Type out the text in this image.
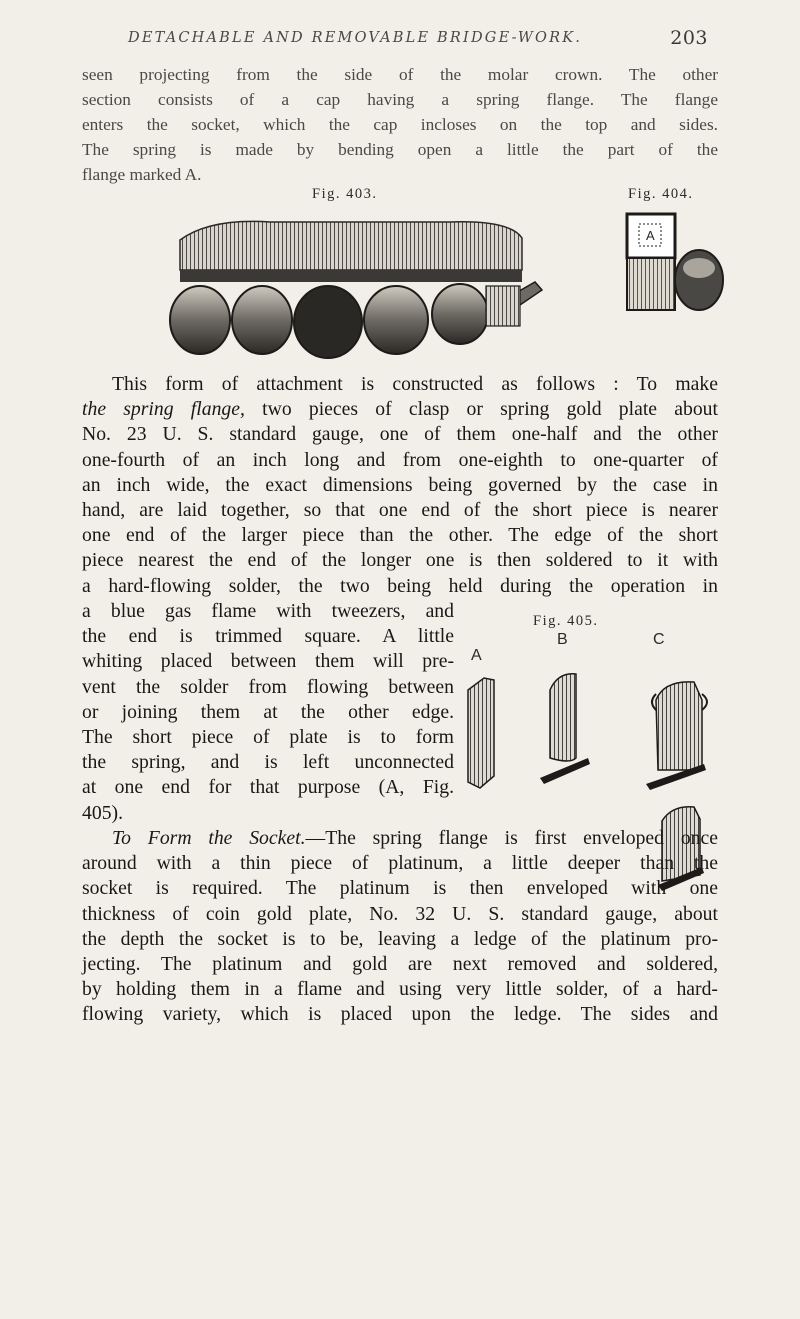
DETACHABLE AND REMOVABLE BRIDGE-WORK.	203
seen projecting from the side of the molar crown. The other
section consists of a cap having a spring flange. The flange
enters the socket, which the cap incloses on the top and sides.
The spring is made by bending open a little the part of the
flange marked A.
Fig. 403.	Fig. 404.
A
This form of attachment is constructed as follows : To make
the spring flange, two pieces of clasp or spring gold plate about
No. 23 U. S. standard gauge, one of them one-half and the other
one-fourth of an inch long and from one-eighth to one-quarter of
an inch wide, the exact dimensions being governed by the case in
hand, are laid together, so that one end of the short piece is nearer
one end of the larger piece than the other. The edge of the short
piece nearest the end of the longer one is then soldered to it with
a hard-flowing solder, the two being held during the operation in
a blue gas flame with tweezers, and
the end is trimmed square. A little
whiting placed between them will pre-
vent the solder from flowing between
or joining them at the other edge.
The short piece of plate is to form
the spring, and is left unconnected
at one end for that purpose (A, Fig.
405).
Fig. 405.
A
B	C
To Form the Socket.—The spring flange is first enveloped once
around with a thin piece of platinum, a little deeper than the
socket is required. The platinum is then enveloped with one
thickness of coin gold plate, No. 32 U. S. standard gauge, about
the depth the socket is to be, leaving a ledge of the platinum pro-
jecting. The platinum and gold are next removed and soldered,
by holding them in a flame and using very little solder, of a hard-
flowing variety, which is placed upon the ledge. The sides and
